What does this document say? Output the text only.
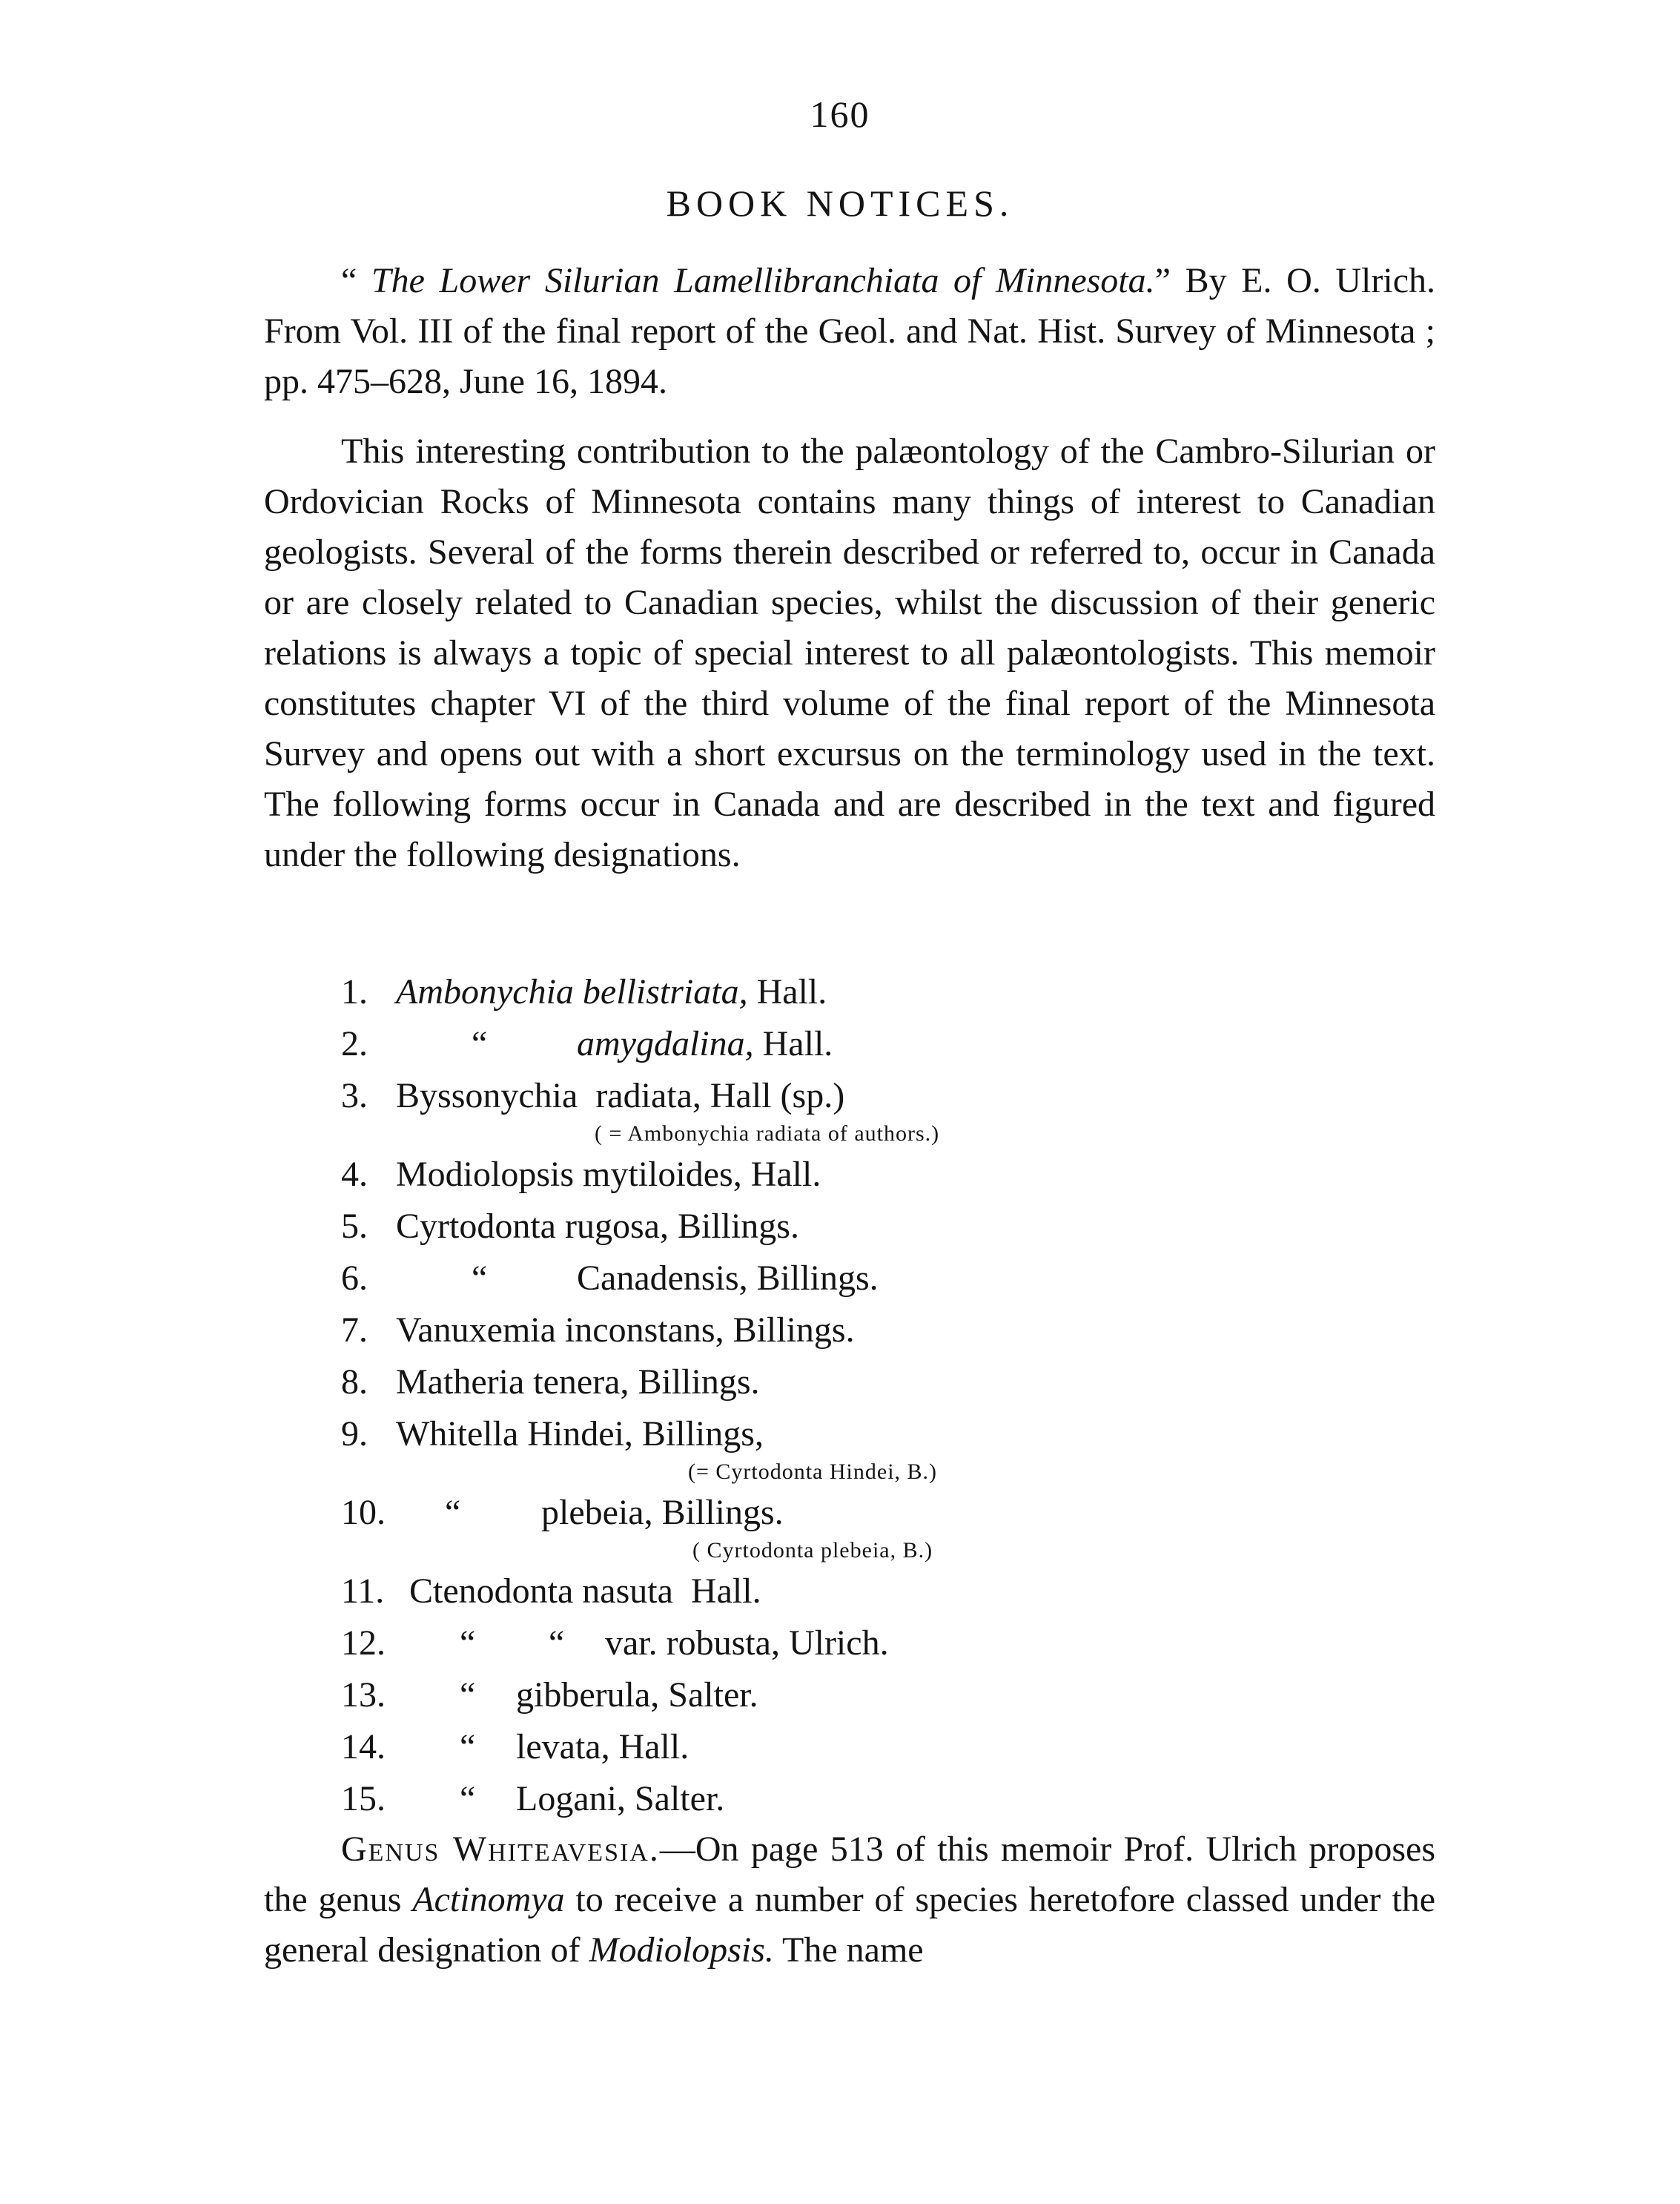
160
BOOK NOTICES.
“ The Lower Silurian Lamellibranchiata of Minnesota.” By E. O. Ulrich. From Vol. III of the final report of the Geol. and Nat. Hist. Survey of Minnesota ; pp. 475–628, June 16, 1894.
This interesting contribution to the palæontology of the Cambro-Silurian or Ordovician Rocks of Minnesota contains many things of interest to Canadian geologists. Several of the forms therein described or referred to, occur in Canada or are closely related to Canadian species, whilst the discussion of their generic relations is always a topic of special interest to all palæontologists. This memoir constitutes chapter VI of the third volume of the final report of the Minnesota Survey and opens out with a short excursus on the terminology used in the text. The following forms occur in Canada and are described in the text and figured under the following designations.
1. Ambonychia bellistriata, Hall.
2.	“	amygdalina, Hall.
3. Byssonychia  radiata, Hall (sp.)
( = Ambonychia radiata of authors.)
4. Modiolopsis mytiloides, Hall.
5. Cyrtodonta rugosa, Billings.
6.	“	Canadensis, Billings.
7. Vanuxemia inconstans, Billings.
8. Matheria tenera, Billings.
9. Whitella Hindei, Billings,
(= Cyrtodonta Hindei, B.)
10. “ plebeia, Billings.
( Cyrtodonta plebeia, B.)
11. Ctenodonta nasuta  Hall.
12. “ “ var. robusta, Ulrich.
13. “ gibberula, Salter.
14. “ levata, Hall.
15. “ Logani, Salter.
Genus Whiteavesia.—On page 513 of this memoir Prof. Ulrich proposes the genus Actinomya to receive a number of species heretofore classed under the general designation of Modiolopsis. The name
